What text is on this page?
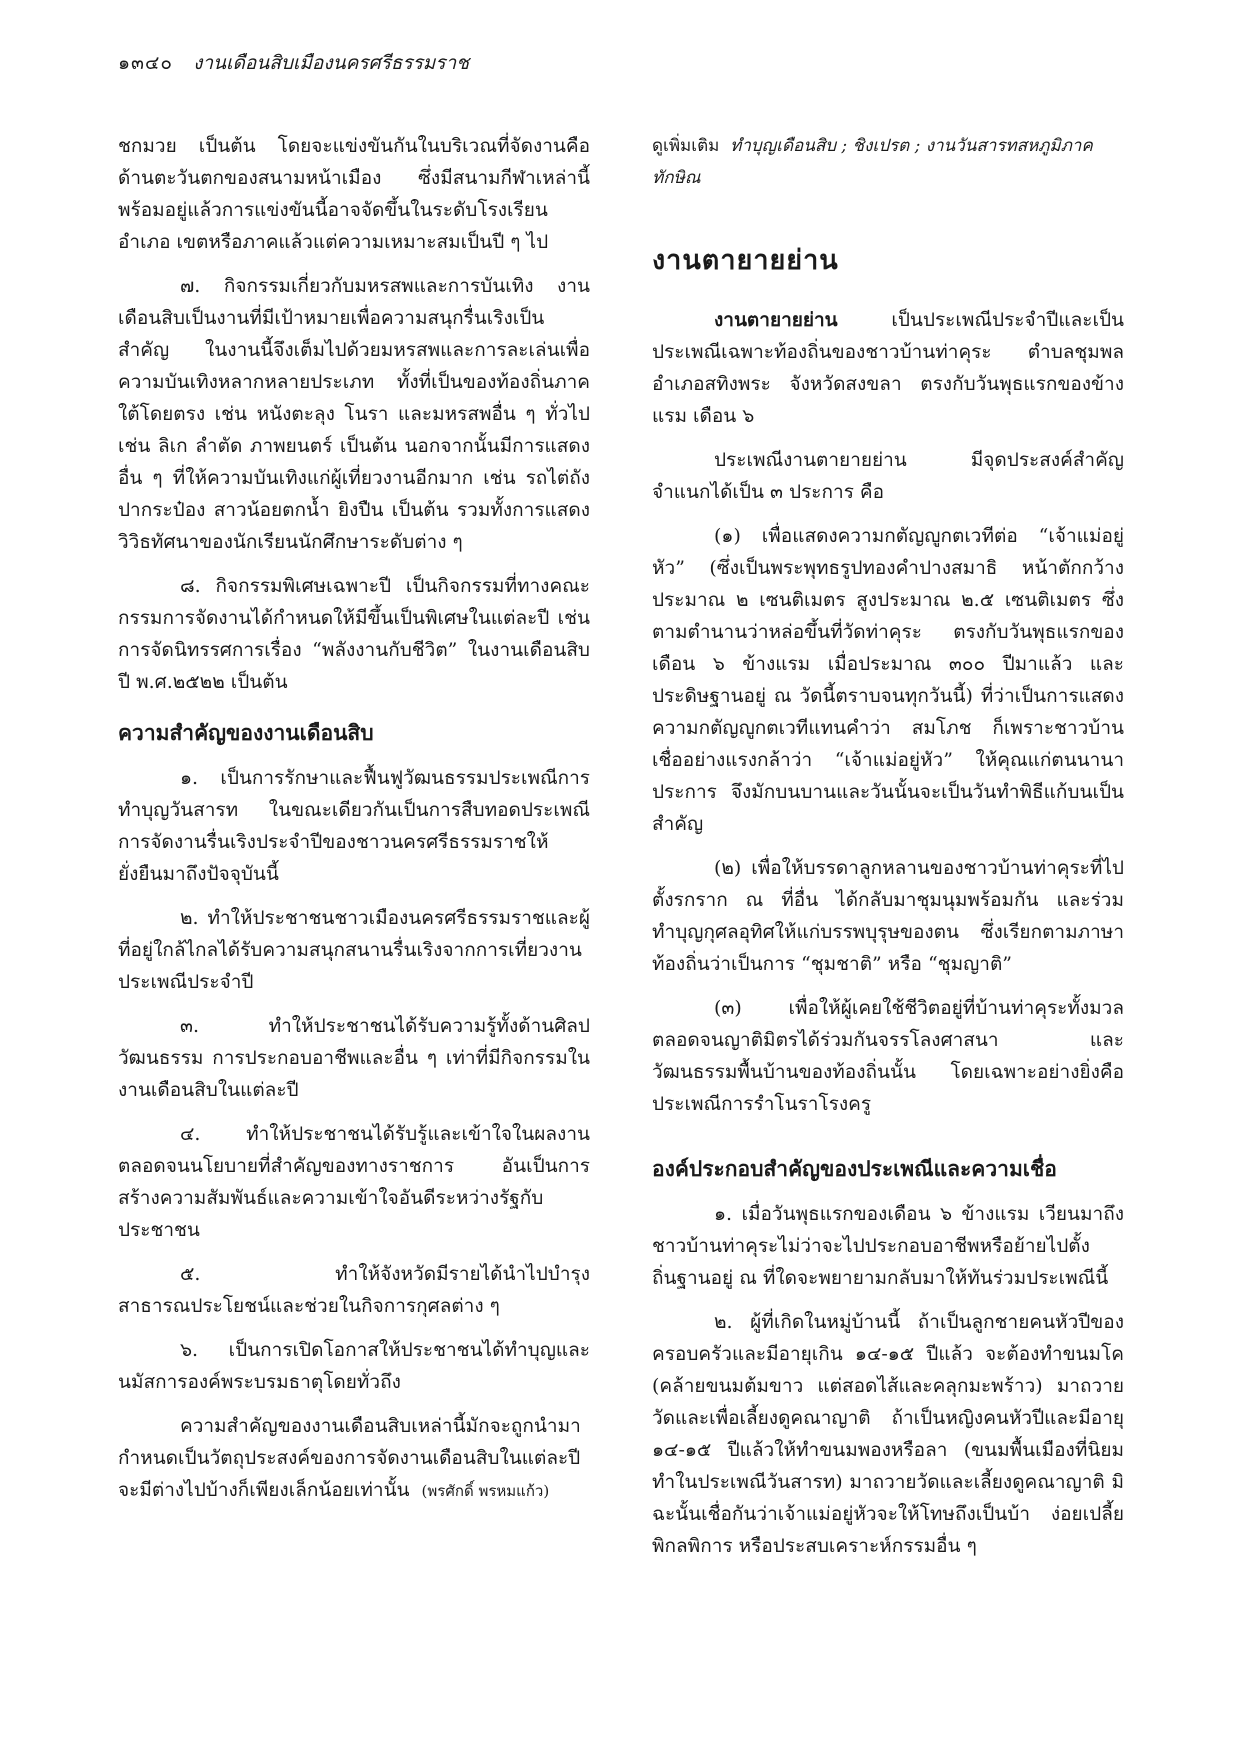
๑๓๔๐ งานเดือนสิบเมืองนครศรีธรรมราช

ชกมวย เป็นต้น โดยจะแข่งขันกันในบริเวณที่จัดงานคือด้านตะวันตกของสนามหน้าเมือง ซึ่งมีสนามกีฬาเหล่านี้พร้อมอยู่แล้วการแข่งขันนี้อาจจัดขึ้นในระดับโรงเรียน อำเภอ เขตหรือภาคแล้วแต่ความเหมาะสมเป็นปี ๆ ไป

๗. กิจกรรมเกี่ยวกับมหรสพและการบันเทิง งานเดือนสิบเป็นงานที่มีเป้าหมายเพื่อความสนุกรื่นเริงเป็นสำคัญ ในงานนี้จึงเต็มไปด้วยมหรสพและการละเล่นเพื่อความบันเทิงหลากหลายประเภท ทั้งที่เป็นของท้องถิ่นภาคใต้โดยตรง เช่น หนังตะลุง โนรา และมหรสพอื่น ๆ ทั่วไป เช่น ลิเก ลำตัด ภาพยนตร์ เป็นต้น นอกจากนั้นมีการแสดงอื่น ๆ ที่ให้ความบันเทิงแก่ผู้เที่ยวงานอีกมาก เช่น รถไต่ถัง ปากระป๋อง สาวน้อยตกน้ำ ยิงปืน เป็นต้น รวมทั้งการแสดงวิวิธทัศนาของนักเรียนนักศึกษาระดับต่าง ๆ

๘. กิจกรรมพิเศษเฉพาะปี เป็นกิจกรรมที่ทางคณะกรรมการจัดงานได้กำหนดให้มีขึ้นเป็นพิเศษในแต่ละปี เช่น การจัดนิทรรศการเรื่อง “พลังงานกับชีวิต” ในงานเดือนสิบ ปี พ.ศ.๒๕๒๒ เป็นต้น

ความสำคัญของงานเดือนสิบ

๑. เป็นการรักษาและฟื้นฟูวัฒนธรรมประเพณีการทำบุญวันสารท ในขณะเดียวกันเป็นการสืบทอดประเพณีการจัดงานรื่นเริงประจำปีของชาวนครศรีธรรมราชให้ยั่งยืนมาถึงปัจจุบันนี้

๒. ทำให้ประชาชนชาวเมืองนครศรีธรรมราชและผู้ที่อยู่ใกล้ไกลได้รับความสนุกสนานรื่นเริงจากการเที่ยวงานประเพณีประจำปี

๓. ทำให้ประชาชนได้รับความรู้ทั้งด้านศิลปวัฒนธรรม การประกอบอาชีพและอื่น ๆ เท่าที่มีกิจกรรมในงานเดือนสิบในแต่ละปี

๔. ทำให้ประชาชนได้รับรู้และเข้าใจในผลงานตลอดจนนโยบายที่สำคัญของทางราชการ อันเป็นการสร้างความสัมพันธ์และความเข้าใจอันดีระหว่างรัฐกับประชาชน

๕. ทำให้จังหวัดมีรายได้นำไปบำรุงสาธารณประโยชน์และช่วยในกิจการกุศลต่าง ๆ

๖. เป็นการเปิดโอกาสให้ประชาชนได้ทำบุญและนมัสการองค์พระบรมธาตุโดยทั่วถึง

ความสำคัญของงานเดือนสิบเหล่านี้มักจะถูกนำมากำหนดเป็นวัตถุประสงค์ของการจัดงานเดือนสิบในแต่ละปีจะมีต่างไปบ้างก็เพียงเล็กน้อยเท่านั้น (พรศักดิ์ พรหมแก้ว)

ดูเพิ่มเติม ทำบุญเดือนสิบ ; ชิงเปรต ; งานวันสารทสหภูมิภาคทักษิณ

งานตายายย่าน

งานตายายย่าน เป็นประเพณีประจำปีและเป็นประเพณีเฉพาะท้องถิ่นของชาวบ้านท่าคุระ ตำบลชุมพล อำเภอสทิงพระ จังหวัดสงขลา ตรงกับวันพุธแรกของข้างแรม เดือน ๖

ประเพณีงานตายายย่าน มีจุดประสงค์สำคัญจำแนกได้เป็น ๓ ประการ คือ

(๑) เพื่อแสดงความกตัญญูกตเวทีต่อ “เจ้าแม่อยู่หัว” (ซึ่งเป็นพระพุทธรูปทองคำปางสมาธิ หน้าตักกว้างประมาณ ๒ เซนติเมตร สูงประมาณ ๒.๕ เซนติเมตร ซึ่งตามตำนานว่าหล่อขึ้นที่วัดท่าคุระ ตรงกับวันพุธแรกของเดือน ๖ ข้างแรม เมื่อประมาณ ๓๐๐ ปีมาแล้ว และประดิษฐานอยู่ ณ วัดนี้ตราบจนทุกวันนี้) ที่ว่าเป็นการแสดงความกตัญญูกตเวทีแทนคำว่า สมโภช ก็เพราะชาวบ้านเชื่ออย่างแรงกล้าว่า “เจ้าแม่อยู่หัว” ให้คุณแก่ตนนานาประการ จึงมักบนบานและวันนั้นจะเป็นวันทำพิธีแก้บนเป็นสำคัญ

(๒) เพื่อให้บรรดาลูกหลานของชาวบ้านท่าคุระที่ไปตั้งรกราก ณ ที่อื่น ได้กลับมาชุมนุมพร้อมกัน และร่วมทำบุญกุศลอุทิศให้แก่บรรพบุรุษของตน ซึ่งเรียกตามภาษาท้องถิ่นว่าเป็นการ “ชุมชาติ” หรือ “ชุมญาติ”

(๓) เพื่อให้ผู้เคยใช้ชีวิตอยู่ที่บ้านท่าคุระทั้งมวลตลอดจนญาติมิตรได้ร่วมกันจรรโลงศาสนา และวัฒนธรรมพื้นบ้านของท้องถิ่นนั้น โดยเฉพาะอย่างยิ่งคือประเพณีการรำโนราโรงครู

องค์ประกอบสำคัญของประเพณีและความเชื่อ

๑. เมื่อวันพุธแรกของเดือน ๖ ข้างแรม เวียนมาถึงชาวบ้านท่าคุระไม่ว่าจะไปประกอบอาชีพหรือย้ายไปตั้งถิ่นฐานอยู่ ณ ที่ใดจะพยายามกลับมาให้ทันร่วมประเพณีนี้

๒. ผู้ที่เกิดในหมู่บ้านนี้ ถ้าเป็นลูกชายคนหัวปีของครอบครัวและมีอายุเกิน ๑๔-๑๕ ปีแล้ว จะต้องทำขนมโค (คล้ายขนมต้มขาว แต่สอดไส้และคลุกมะพร้าว) มาถวายวัดและเพื่อเลี้ยงดูคณาญาติ ถ้าเป็นหญิงคนหัวปีและมีอายุ ๑๔-๑๕ ปีแล้วให้ทำขนมพองหรือลา (ขนมพื้นเมืองที่นิยมทำในประเพณีวันสารท) มาถวายวัดและเลี้ยงดูคณาญาติ มิฉะนั้นเชื่อกันว่าเจ้าแม่อยู่หัวจะให้โทษถึงเป็นบ้า ง่อยเปลี้ยพิกลพิการ หรือประสบเคราะห์กรรมอื่น ๆ
